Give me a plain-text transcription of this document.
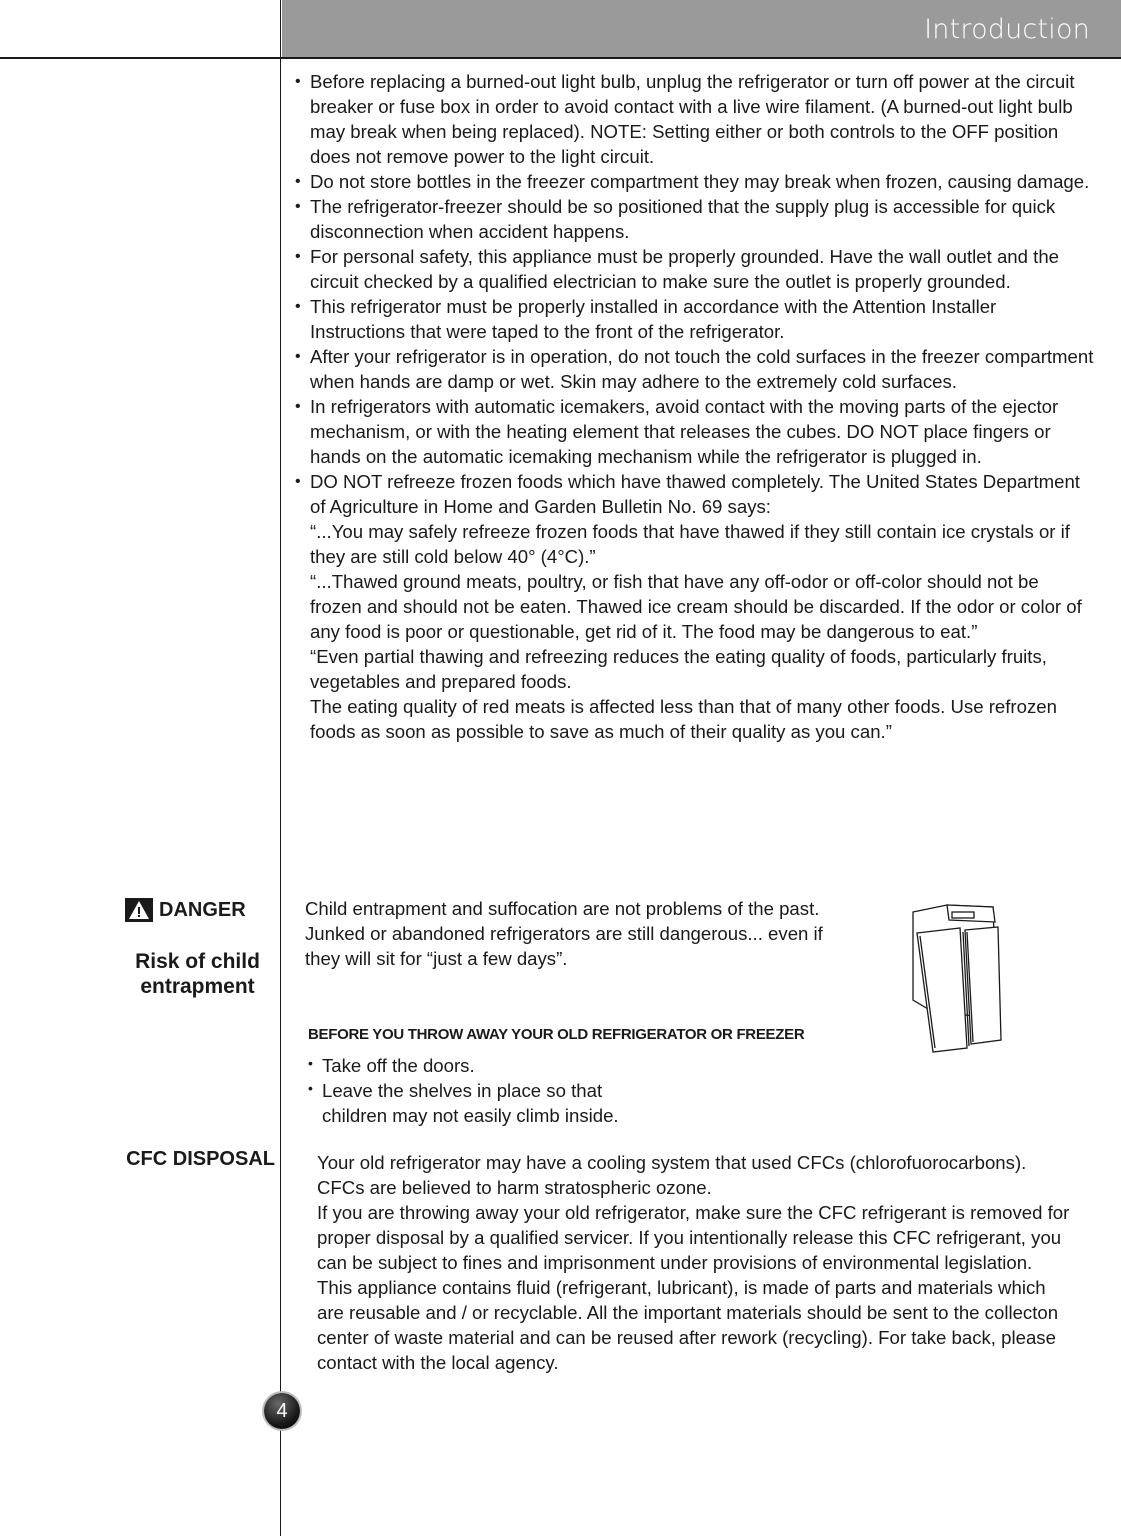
Introduction
• Before replacing a burned-out light bulb, unplug the refrigerator or turn off power at the circuit breaker or fuse box in order to avoid contact with a live wire filament. (A burned-out light bulb may break when being replaced). NOTE: Setting either or both controls to the OFF position does not remove power to the light circuit.

• Do not store bottles in the freezer compartment they may break when frozen, causing damage.

• The refrigerator-freezer should be so positioned that the supply plug is accessible for quick disconnection when accident happens.

• For personal safety, this appliance must be properly grounded. Have the wall outlet and the circuit checked by a qualified electrician to make sure the outlet is properly grounded.

• This refrigerator must be properly installed in accordance with the Attention Installer Instructions that were taped to the front of the refrigerator.

• After your refrigerator is in operation, do not touch the cold surfaces in the freezer compartment when hands are damp or wet. Skin may adhere to the extremely cold surfaces.

• In refrigerators with automatic icemakers, avoid contact with the moving parts of the ejector mechanism, or with the heating element that releases the cubes. DO NOT place fingers or hands on the automatic icemaking mechanism while the refrigerator is plugged in.

• DO NOT refreeze frozen foods which have thawed completely. The United States Department of Agriculture in Home and Garden Bulletin No. 69 says:

“...You may safely refreeze frozen foods that have thawed if they still contain ice crystals or if they are still cold below 40° (4°C).”

“...Thawed ground meats, poultry, or fish that have any off-odor or off-color should not be frozen and should not be eaten. Thawed ice cream should be discarded. If the odor or color of any food is poor or questionable, get rid of it. The food may be dangerous to eat.”

“Even partial thawing and refreezing reduces the eating quality of foods, particularly fruits, vegetables and prepared foods.

The eating quality of red meats is affected less than that of many other foods. Use refrozen foods as soon as possible to save as much of their quality as you can.”

DANGER
Risk of child entrapment
Child entrapment and suffocation are not problems of the past. Junked or abandoned refrigerators are still dangerous... even if they will sit for “just a few days”.
BEFORE YOU THROW AWAY YOUR OLD REFRIGERATOR OR FREEZER
• Take off the doors.
• Leave the shelves in place so that children may not easily climb inside.
CFC DISPOSAL Your old refrigerator may have a cooling system that used CFCs (chlorofuorocarbons). CFCs are believed to harm stratospheric ozone.

If you are throwing away your old refrigerator, make sure the CFC refrigerant is removed for proper disposal by a qualified servicer. If you intentionally release this CFC refrigerant, you can be subject to fines and imprisonment under provisions of environmental legislation.

This appliance contains fluid (refrigerant, lubricant), is made of parts and materials which are reusable and / or recyclable. All the important materials should be sent to the collecton center of waste material and can be reused after rework (recycling). For take back, please contact with the local agency.

4
